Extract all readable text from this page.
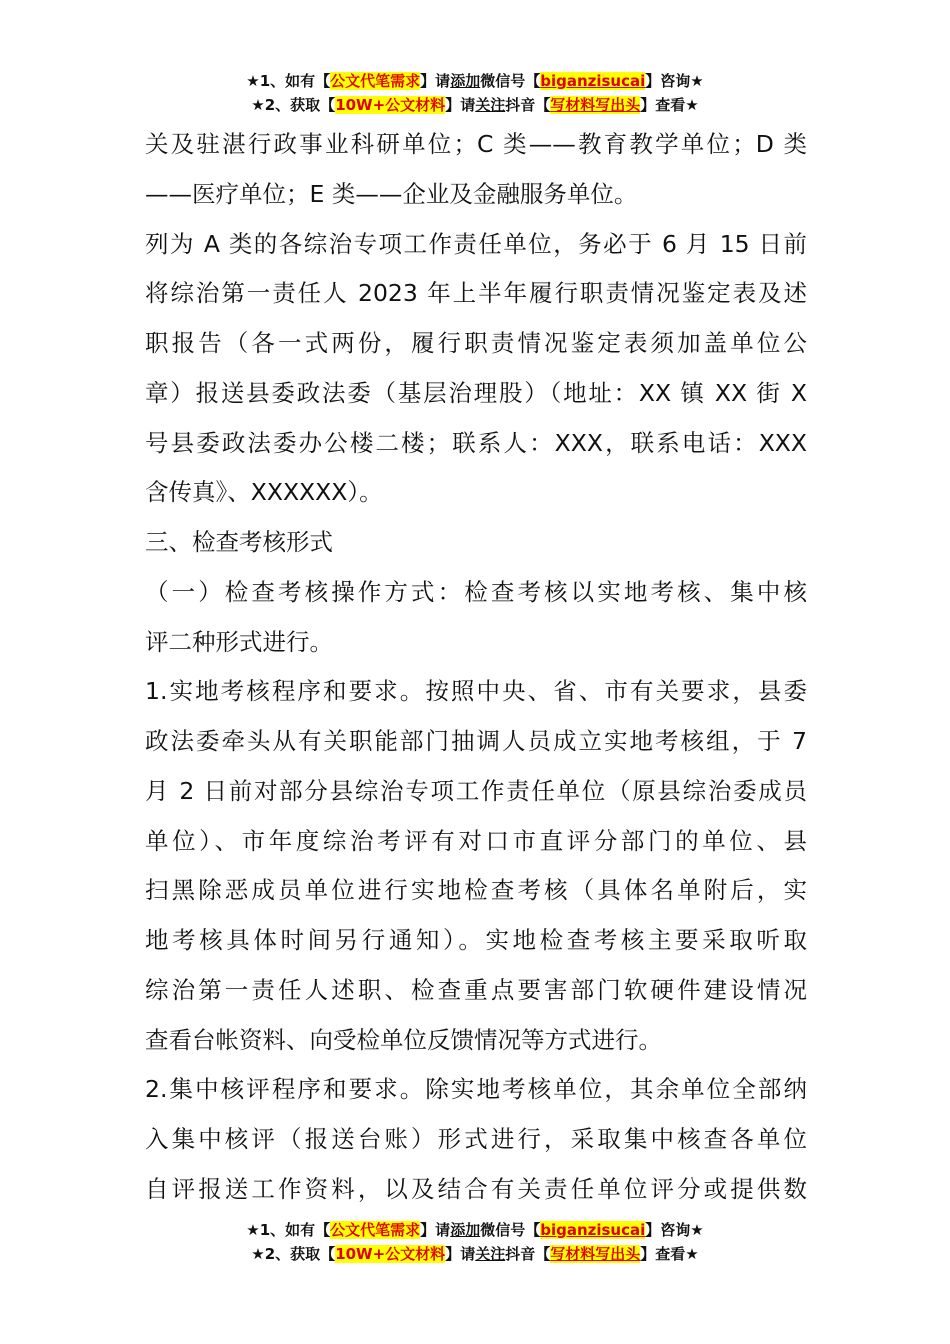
★1、如有【公文代笔需求】请添加微信号【biganzisucai】咨询★
★2、获取【10W+公文材料】请关注抖音【写材料写出头】查看★
关及驻湛行政事业科研单位；C 类——教育教学单位；D 类
——医疗单位；E 类——企业及金融服务单位。
列为 A 类的各综治专项工作责任单位，务必于 6 月 15 日前
将综治第一责任人 2023 年上半年履行职责情况鉴定表及述
职报告（各一式两份，履行职责情况鉴定表须加盖单位公
章）报送县委政法委（基层治理股）（地址：XX 镇 XX 街 X
号县委政法委办公楼二楼；联系人：XXX，联系电话：XXX
含传真》、XXXXXX）。
三、检查考核形式
（一）检查考核操作方式：检查考核以实地考核、集中核
评二种形式进行。
1.实地考核程序和要求。按照中央、省、市有关要求，县委
政法委牵头从有关职能部门抽调人员成立实地考核组，于 7
月 2 日前对部分县综治专项工作责任单位（原县综治委成员
单位）、市年度综治考评有对口市直评分部门的单位、县
扫黑除恶成员单位进行实地检查考核（具体名单附后，实
地考核具体时间另行通知）。实地检查考核主要采取听取
综治第一责任人述职、检查重点要害部门软硬件建设情况
查看台帐资料、向受检单位反馈情况等方式进行。
2.集中核评程序和要求。除实地考核单位，其余单位全部纳
入集中核评（报送台账）形式进行，采取集中核查各单位
自评报送工作资料，以及结合有关责任单位评分或提供数
★1、如有【公文代笔需求】请添加微信号【biganzisucai】咨询★
★2、获取【10W+公文材料】请关注抖音【写材料写出头】查看★
